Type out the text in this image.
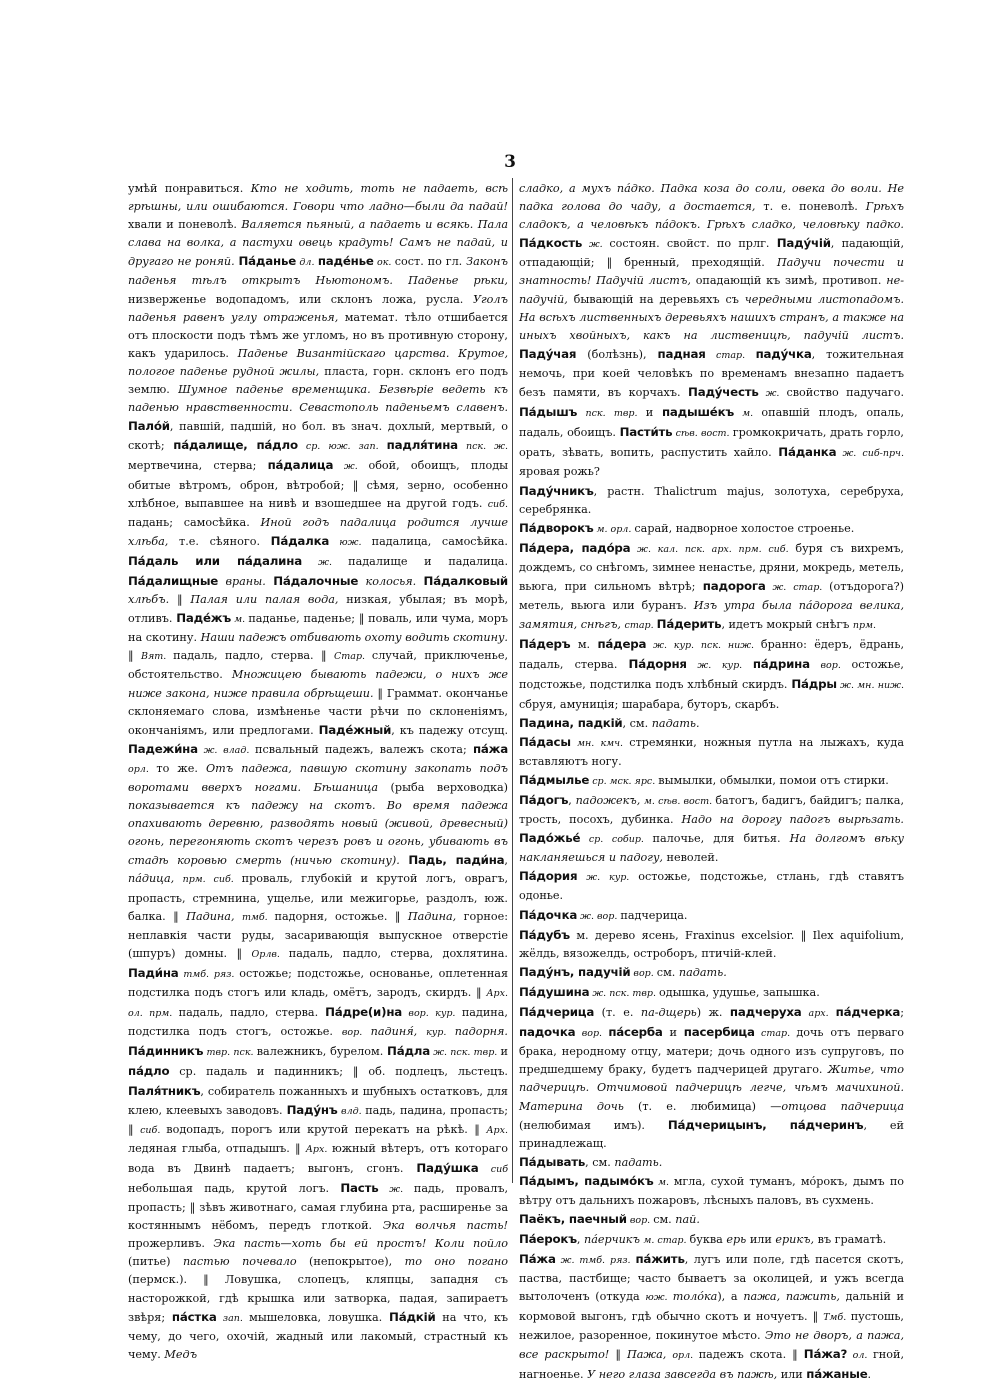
3

умѣй понравиться. Кто не ходить, тоть не падаеть, всѣ грѣшны, или ошибаются. Говори что ладно—были да падай! хвали и поневолѣ. Валяется пьяный, а падаеть и всякь. Пала слава на волка, а пастухи овець крадуть! Самъ не падай, и другаго не роняй. Па́данье дл. паде́нье ок. сост. по гл. Законъ паденья тѣлъ открытъ Ньютономъ. Паденье рѣки, низверженье водопадомъ, или склонъ ложа, русла. Уголъ паденья равенъ углу отраженья, математ. тѣло отшибается отъ плоскости подъ тѣмъ же угломъ, но въ противную сторону, какъ ударилось. Паденье Византійскаго царства. Крутое, пологое паденье рудной жилы, пласта, горн. склонъ его подъ землю. Шумное паденье временщика. Безвѣріе ведеть къ паденью нравственности. Севастополь паденьемъ славенъ. Пало́й, павшій, падшій, но бол. въ знач. дохлый, мертвый, о скотѣ; па́далище, па́дло ср. юж. зап. падля́тина пск. ж. мертвечина, стерва; па́далица ж. обой, обоищъ, плоды обитые вѣтромъ, оброн, вѣтробой; ‖ сѣмя, зерно, особенно хлѣбное, выпавшее на нивѣ и взошедшее на другой годъ. сиб. падань; самосѣйка. Иной годъ падалица родится лучше хлѣба, т.е. сѣяного. Па́далка юж. падалица, самосѣйка. Па́даль или па́далина ж. падалище и падалица. Па́далищные враны. Па́далочные колосья. Па́далковый хлѣбъ. ‖ Палая или палая вода, низкая, убылая; въ морѣ, отливъ. Паде́жъ м. паданье, паденье; ‖ поваль, или чума, моръ на скотину. Наши падежъ отбивають охоту водить скотину. ‖ Вят. падаль, падло, стерва. ‖ Стар. случай, приключенье, обстоятельство. Множицею бывають падежи, о нихъ же ниже закона, ниже правила обрѣщеши. ‖ Граммат. окончанье склоняемаго слова, измѣненье части рѣчи по склоненіямъ, окончаніямъ, или предлогами. Паде́жный, къ падежу отсущ. Падежи́на ж. влад. псвальный падежъ, валежъ скота; па́жа орл. то же. Отъ падежа, павшую скотину закопать подъ воротами вверхъ ногами. Бѣшаница (рыба верховодка) показывается къ падежу на скотъ. Во время падежа опахивають деревню, разводять новый (живой, древесный) огонь, перегоняють скотъ черезъ ровъ и огонь, убивають въ стадѣ коровью смерть (ничью скотину). Падь, пади́на, па́дица, прм. сиб. проваль, глубокій и крутой логъ, оврагъ, пропасть, стремнина, ущелье, или межигорье, раздолъ, юж. балка. ‖ Падина, тмб. падорня, остожье. ‖ Падина, горное: неплавкія части руды, засаривающія выпускное отверстіе (шпуръ) домны. ‖ Орлв. падаль, падло, стерва, дохлятина. Пади́на тмб. ряз. остожье; подстожье, основанье, оплетенная подстилка подъ стогъ или кладь, омётъ, зародъ, скирдъ. ‖ Арх. ол. прм. падаль, падло, стерва. Па́дре(и)на вор. кур. падина, подстилка подъ стогъ, остожье. вор. падиня́, кур. падорня. Па́динникъ твр. пск. валежникъ, бурелом. Па́дла ж. пск. твр. и па́дло ср. падаль и падинникъ; ‖ об. подлецъ, льстецъ. Паля́тникъ, собиратель пожанныхъ и шубныхъ остатковъ, для клею, клеевыхъ заводовъ. Паду́нъ влд. падь, падина, пропасть; ‖ сиб. водопадъ, порогъ или крутой перекатъ на рѣкѣ. ‖ Арх. ледяная глыба, отпадышъ. ‖ Арх. южный вѣтеръ, отъ котораго вода въ Двинѣ падаетъ; выгонъ, сгонъ. Паду́шка сиб небольшая падь, крутой логъ. Пасть ж. падь, провалъ, пропасть; ‖ зѣвъ животнаго, самая глубина рта, расширенье за костяннымъ нёбомъ, передъ глоткой. Эка волчья пасть! прожерливъ. Эка пасть—хоть бы ей простъ! Коли пойло (питье) пастью почевало (непокрытое), то оно поганo (пермск.). ‖ Ловушка, слопецъ, кляпцы, западня съ насторожкой, гдѣ крышка или затворка, падая, запираетъ звѣря; па́стка зап. мышеловка, ловушка. Па́дкій на что, къ чему, до чего, охочій, жадный или лакомый, страстный къ чему. Медъ

сладко, а мухъ па́дко. Падка коза до соли, овека до воли. Не падка голова до чаду, а достается, т. е. поневолѣ. Грѣхъ сладокъ, а человѣкъ па́докъ. Грѣхъ сладко, человѣку падко. Па́дкость ж. состоян. свойст. по прлг. Паду́чій, падающій, отпадающій; ‖ бренный, преходящій. Падучи почести и знатность! Падучій листъ, опадающій къ зимѣ, противоп. не-падучій, бывающій на деревьяхъ съ чередными листопадомъ. На всѣхъ лиственныхъ деревьяхъ нашихъ странъ, а также на иныхъ хвойныхъ, какъ на лиственицѣ, падучій листъ. Паду́чая (болѣзнь), падная стар. паду́чка, тожительная немочь, при коей человѣкъ по временамъ внезапно падаетъ безъ памяти, въ корчахъ. Паду́честь ж. свойство падучаго. Па́дышъ пск. твр. и падыше́къ м. опавшій плодъ, опаль, падаль, обоищъ. Пасти́ть сѣв. вост. громкокричать, драть горло, орать, зѣвать, вопить, распустить хайло. Па́данка ж. сиб-прч. яровая рожь?

Паду́чникъ, растн. Thalictrum majus, золотуха, серебруха, серебрянка.

Па́дворокъ м. орл. сарай, надворное холостое строенье.

Па́дера, падо́ра ж. кал. пск. арх. прм. сиб. буря съ вихремъ, дождемъ, со снѣгомъ, зимнее ненастье, дряни, мокредь, метель, вьюга, при сильномъ вѣтрѣ; падорога ж. стар. (отъдорога?) метель, вьюга или буранъ. Изъ утра была па́дорога велика, замятия, снѣгъ, стар. Па́дерить, идетъ мокрый снѣгъ прм.

Па́деръ м. па́дера ж. кур. пск. ниж. бранно: ёдеръ, ёдрань, падаль, стерва. Па́дорня ж. кур. па́дрина вор. остожье, подстожье, подстилка подъ хлѣбный скирдъ. Па́дры ж. мн. ниж. сбруя, амуниція; шарабара, буторъ, скарбъ.

Падина, падкій, см. падать.

Па́дасы мн. кмч. стремянки, ножныя путла на лыжахъ, куда вставляютъ ногу.

Па́дмылье ср. мск. ярс. вымылки, обмылки, помои отъ стирки.

Па́догъ, падожекъ, м. сѣв. вост. батогъ, бадигъ, байдигъ; палка, трость, посохъ, дубинка. Надо на дорогу падогъ вырѣзать. Падо́жье́ ср. собир. палочье, для битья. На долгомъ вѣку накланяешься и падогу, неволей.

Па́дория ж. кур. остожье, подстожье, стлань, гдѣ ставятъ одонье.

Па́дочка ж. вор. падчерица.

Па́дубъ м. дерево ясень, Fraxinus excelsior. ‖ Ilex aquifolium, жёлдь, вязожелдь, остроборъ, птичій-клей.

Паду́нъ, падучій вор. см. падать.

Па́душина ж. пск. твр. одышка, удушье, запышка.

Па́дчерица (т. е. па-дщерь) ж. падчеруха арх. па́дчерка; падочка вор. па́серба и пасербица стар. дочь отъ перваго брака, нeродному отцу, матери; дочь одного изъ супруговъ, по предшедшему браку, будетъ падчерицей другаго. Житье, что падчерицѣ. Отчимовой падчерицѣ легче, чѣмъ мачихиной. Материна дочь (т. е. любимица) —отцова падчерица (нелюбимая имъ). Па́дчерицынъ, па́дчеринъ, ей принадлежащ.

Па́дывать, см. падать.

Па́дымъ, падымо́къ м. мгла, сухой туманъ, мо́рокъ, дымъ по вѣтру отъ дальнихъ пожаровъ, лѣсныхъ паловъ, въ сухмень.

Паёкъ, паечный вор. см. пай.

Па́ерокъ, па́ерчикъ м. стар. буква ерь или ерикъ, въ граматѣ.

Па́жа ж. тмб. ряз. па́жить, лугъ или поле, гдѣ пасется скотъ, паства, пастбище; часто бываетъ за околицей, и ужъ всегда вытолоченъ (откуда юж. толо́ка), а пажа, пажить, дальній и кормовой выгонъ, гдѣ обычно скотъ и ночуетъ. ‖ Тмб. пустошь, нежилое, разоренное, покинутое мѣсто. Это не дворъ, а пажа, все раскрыто! ‖ Пажа, орл. падежъ скота. ‖ Па́жа? ол. гной, нагноенье. У него глаза завсегда въ пажѣ, или па́жаные.
